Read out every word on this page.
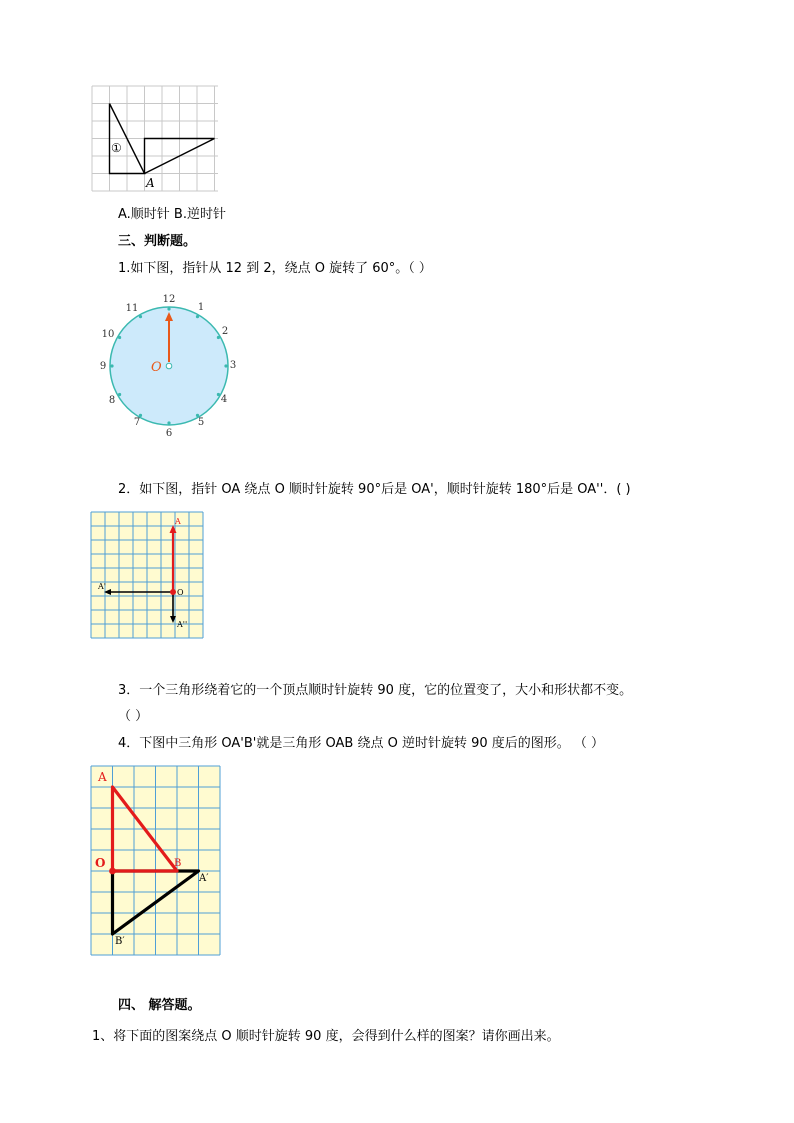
①
A
A.顺时针 B.逆时针
三、判断题。
1.如下图，指针从 12 到 2，绕点 O 旋转了 60°。（ ）
12
1
2
3
4
5
6
7
8
9
10
11
O
2．如下图，指针 OA 绕点 O 顺时针旋转 90°后是 OA'，顺时针旋转 180°后是 OA''．( )
A
O
A'
A''
3．一个三角形绕着它的一个顶点顺时针旋转 90 度，它的位置变了，大小和形状都不变。
（ ）
4．下图中三角形 OA'B'就是三角形 OAB 绕点 O 逆时针旋转 90 度后的图形。 （ ）
A
O	B
A′
B′
四、 解答题。
1、将下面的图案绕点 O 顺时针旋转 90 度，会得到什么样的图案？请你画出来。
